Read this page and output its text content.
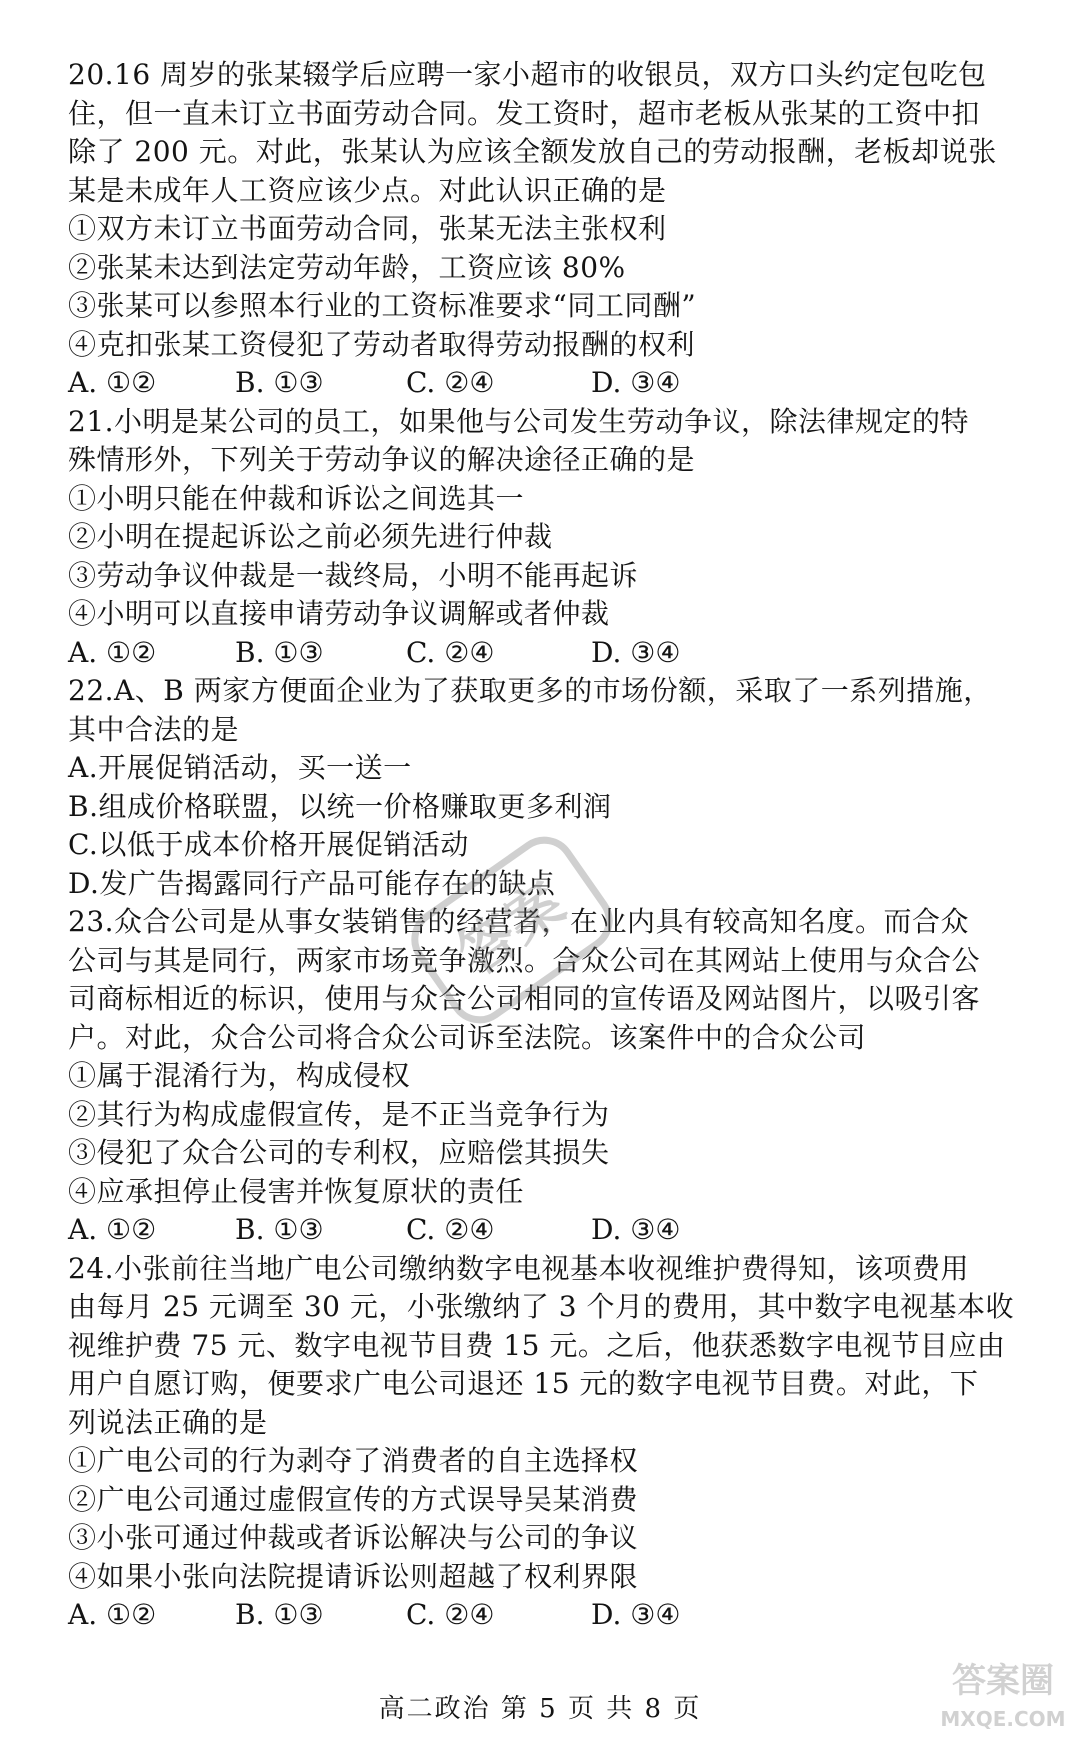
20.16 周岁的张某辍学后应聘一家小超市的收银员，双方口头约定包吃包
住，但一直未订立书面劳动合同。发工资时，超市老板从张某的工资中扣
除了 200 元。对此，张某认为应该全额发放自己的劳动报酬，老板却说张
某是未成年人工资应该少点。对此认识正确的是
①双方未订立书面劳动合同，张某无法主张权利
②张某未达到法定劳动年龄，工资应该 80%
③张某可以参照本行业的工资标准要求“同工同酬”
④克扣张某工资侵犯了劳动者取得劳动报酬的权利
A. ①②	B. ①③	C. ②④	D. ③④
21.小明是某公司的员工，如果他与公司发生劳动争议，除法律规定的特
殊情形外，下列关于劳动争议的解决途径正确的是
①小明只能在仲裁和诉讼之间选其一
②小明在提起诉讼之前必须先进行仲裁
③劳动争议仲裁是一裁终局，小明不能再起诉
④小明可以直接申请劳动争议调解或者仲裁
A. ①②	B. ①③	C. ②④	D. ③④
22.A、B 两家方便面企业为了获取更多的市场份额，采取了一系列措施，
其中合法的是
A.开展促销活动，买一送一
B.组成价格联盟，以统一价格赚取更多利润
C.以低于成本价格开展促销活动
D.发广告揭露同行产品可能存在的缺点
23.众合公司是从事女装销售的经营者，在业内具有较高知名度。而合众
公司与其是同行，两家市场竞争激烈。合众公司在其网站上使用与众合公
司商标相近的标识，使用与众合公司相同的宣传语及网站图片，以吸引客
户。对此，众合公司将合众公司诉至法院。该案件中的合众公司
①属于混淆行为，构成侵权
②其行为构成虚假宣传，是不正当竞争行为
③侵犯了众合公司的专利权，应赔偿其损失
④应承担停止侵害并恢复原状的责任
A. ①②	B. ①③	C. ②④	D. ③④
24.小张前往当地广电公司缴纳数字电视基本收视维护费得知，该项费用
由每月 25 元调至 30 元，小张缴纳了 3 个月的费用，其中数字电视基本收
视维护费 75 元、数字电视节目费 15 元。之后，他获悉数字电视节目应由
用户自愿订购，便要求广电公司退还 15 元的数字电视节目费。对此，下
列说法正确的是
①广电公司的行为剥夺了消费者的自主选择权
②广电公司通过虚假宣传的方式误导吴某消费
③小张可通过仲裁或者诉讼解决与公司的争议
④如果小张向法院提请诉讼则超越了权利界限
A. ①②	B. ①③	C. ②④	D. ③④
答案
答案圈
MXQE.COM
高二政治 第 5 页 共 8 页
